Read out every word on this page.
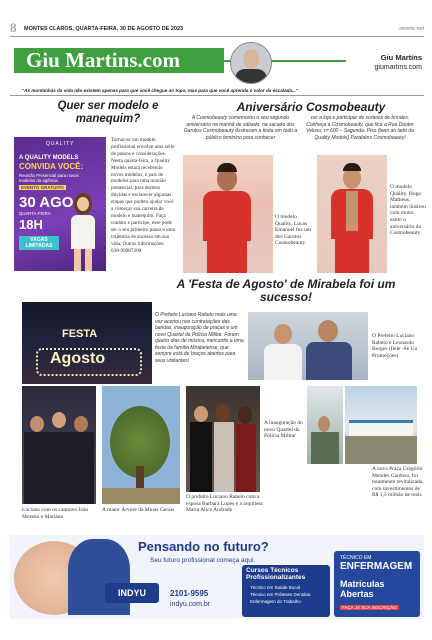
8 MONTES CLAROS, QUARTA-FEIRA, 30 DE AGOSTO DE 2023	onorte.net
Giu Martins.com	Giu Martins
giumartins.com
"As montanhas da vida não existem apenas para que você chegue ao topo, mas para que você aprenda o valor da escalada..."
Quer ser modelo e manequim?
QUALITY
A QUALITY MODELS
CONVIDA VOCÊ:
Reunião Presencial para novos modelos da agência.
EVENTO GRATUITO
30 AGO
QUARTA-FEIRA
18H
VAGAS LIMITADAS
Tornar-se um modelo profissional envolve uma série de passos e considerações. Nesta quarta-feira, a Quality Models estará recebendo novos modelos, e pais de modelos para uma reunião presencial, para darmos dúvidas e esclarecer algumas etapas que podem ajudar você a começar sua carreira de modelo e manequim. Faça contato e participe, esse pode ser o seu primeiro passo a uma trajetória de sucesso em sua vida. Outras informações: 038-99987200
Aniversário Cosmobeauty
A Cosmobeauty comemorou o seu segundo aniversário na manhã de sábado, na sacada dos Garotos Cosmobeauty ilustraram a festa em todo a público feminino para conhecer
cer a loja e participar de sorteios de brindes. Conheça a Cosmobeauty, que fica a Rua Doutor Veloso, nº 600 – Segunda. Piso (bem ao lado da Quality Models) Parabéns Cosmobeauty!
O modelo Quality, Lucas Emanuel fez um dos Garotos Cosmobeauty
O modelo Quality, Hugo Matheus, também ilustrou com muito estilo o aniversário da Cosmobeauty
A 'Festa de Agosto' de Mirabela foi um sucesso!
FESTA
Agosto
O Prefeito Luciano Rabelo mais uma vez acertou nas contratações das bandas, inauguração de praças e um novo Quartel da Polícia Militar. Foram quatro dias de música, mercantis a uma festa da família Mirabelense, que sempre está de braços abertos para seus visitantes!
O Prefeito Luciano Rabelo e Leonardo Borges (Ilele -Se Ua Promoções)
Luciano com os cantores João Moreno e Mariano
A maior Árvore da Minas Gerais
O prefeito Luciano Rabelo com a esposa Barbara Lopes e a arquiteta Maria Alice Andrade
A inauguração do novo Quartel da Polícia Militar
A nova Praça Gregório Mendes Cardoso, foi totalmente revitalizada, com investimentos de R$ 1,5 milhão de reais
Pensando no futuro?
Seu futuro profissional começa aqui.
INDYU	2101-9595
indyu.com.br
Cursos Técnicos Profissionalizantes
Técnico em Saúde Bucal
Técnico em Próteses Dentária
Enfermagem do Trabalho
TÉCNICO EM
ENFERMAGEM
Matrículas Abertas
FAÇA JÁ SUA INSCRIÇÃO
